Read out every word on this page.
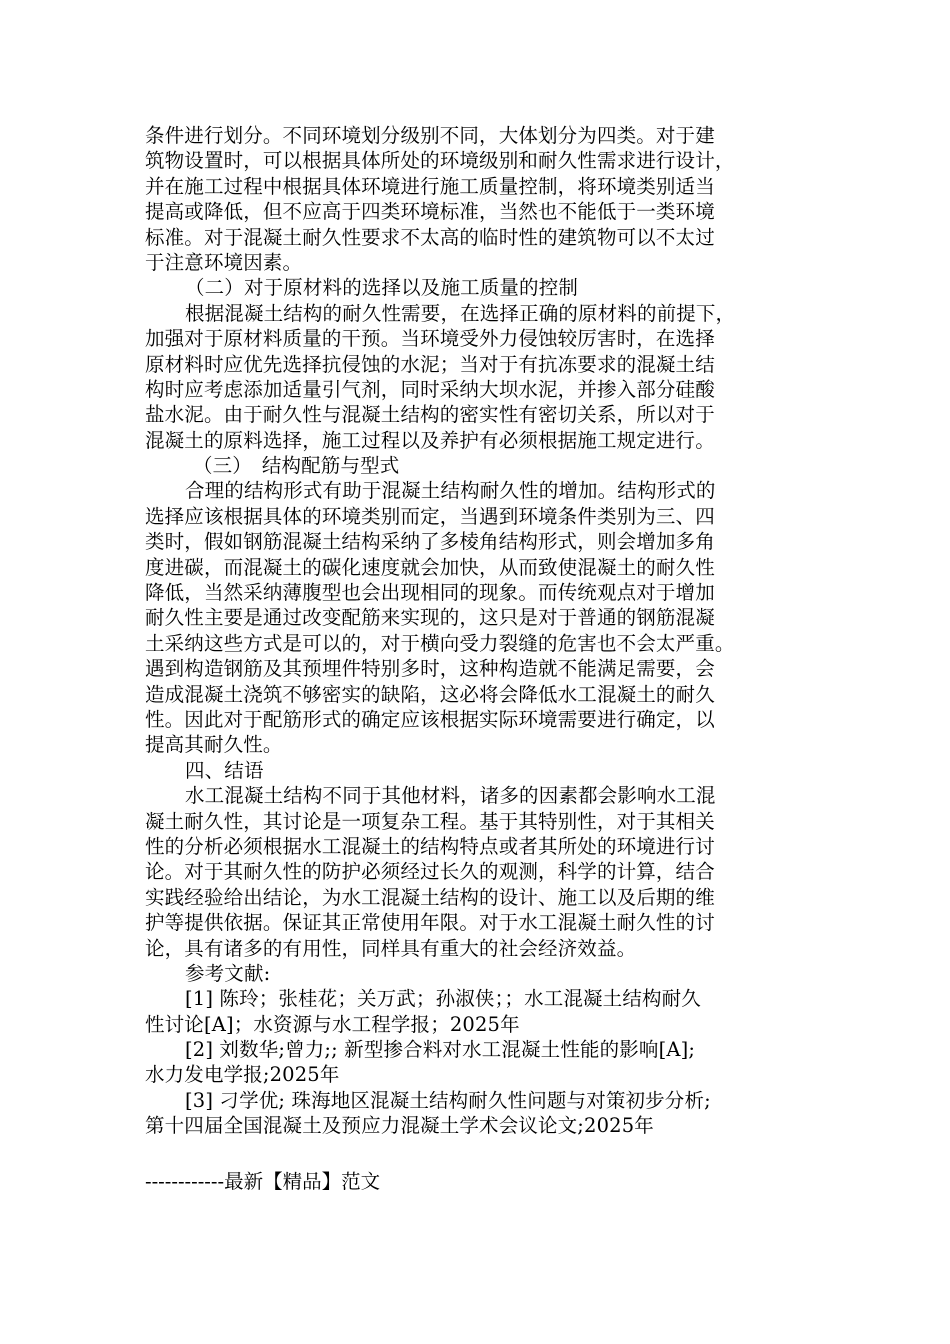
条件进行划分。不同环境划分级别不同，大体划分为四类。对于建
筑物设置时，可以根据具体所处的环境级别和耐久性需求进行设计，
并在施工过程中根据具体环境进行施工质量控制，将环境类别适当
提高或降低，但不应高于四类环境标准，当然也不能低于一类环境
标准。对于混凝土耐久性要求不太高的临时性的建筑物可以不太过
于注意环境因素。
（二）对于原材料的选择以及施工质量的控制
根据混凝土结构的耐久性需要，在选择正确的原材料的前提下，
加强对于原材料质量的干预。当环境受外力侵蚀较厉害时，在选择
原材料时应优先选择抗侵蚀的水泥；当对于有抗冻要求的混凝土结
构时应考虑添加适量引气剂，同时采纳大坝水泥，并掺入部分硅酸
盐水泥。由于耐久性与混凝土结构的密实性有密切关系，所以对于
混凝土的原料选择，施工过程以及养护有必须根据施工规定进行。
（三）　结构配筋与型式
合理的结构形式有助于混凝土结构耐久性的增加。结构形式的
选择应该根据具体的环境类别而定，当遇到环境条件类别为三、四
类时，假如钢筋混凝土结构采纳了多棱角结构形式，则会增加多角
度进碳，而混凝土的碳化速度就会加快，从而致使混凝土的耐久性
降低，当然采纳薄腹型也会出现相同的现象。而传统观点对于增加
耐久性主要是通过改变配筋来实现的，这只是对于普通的钢筋混凝
土采纳这些方式是可以的，对于横向受力裂缝的危害也不会太严重。
遇到构造钢筋及其预埋件特别多时，这种构造就不能满足需要，会
造成混凝土浇筑不够密实的缺陷，这必将会降低水工混凝土的耐久
性。因此对于配筋形式的确定应该根据实际环境需要进行确定，以
提高其耐久性。
四、结语
水工混凝土结构不同于其他材料，诸多的因素都会影响水工混
凝土耐久性，其讨论是一项复杂工程。基于其特别性，对于其相关
性的分析必须根据水工混凝土的结构特点或者其所处的环境进行讨
论。对于其耐久性的防护必须经过长久的观测，科学的计算，结合
实践经验给出结论，为水工混凝土结构的设计、施工以及后期的维
护等提供依据。保证其正常使用年限。对于水工混凝土耐久性的讨
论，具有诸多的有用性，同样具有重大的社会经济效益。
参考文献:
[1] 陈玲；张桂花；关万武；孙淑侠；；水工混凝土结构耐久
性讨论[A]；水资源与水工程学报；2025年
[2] 刘数华;曾力;; 新型掺合料对水工混凝土性能的影响[A];
水力发电学报;2025年
[3] 刁学优; 珠海地区混凝土结构耐久性问题与对策初步分析;
第十四届全国混凝土及预应力混凝土学术会议论文;2025年
------------最新【精品】范文
